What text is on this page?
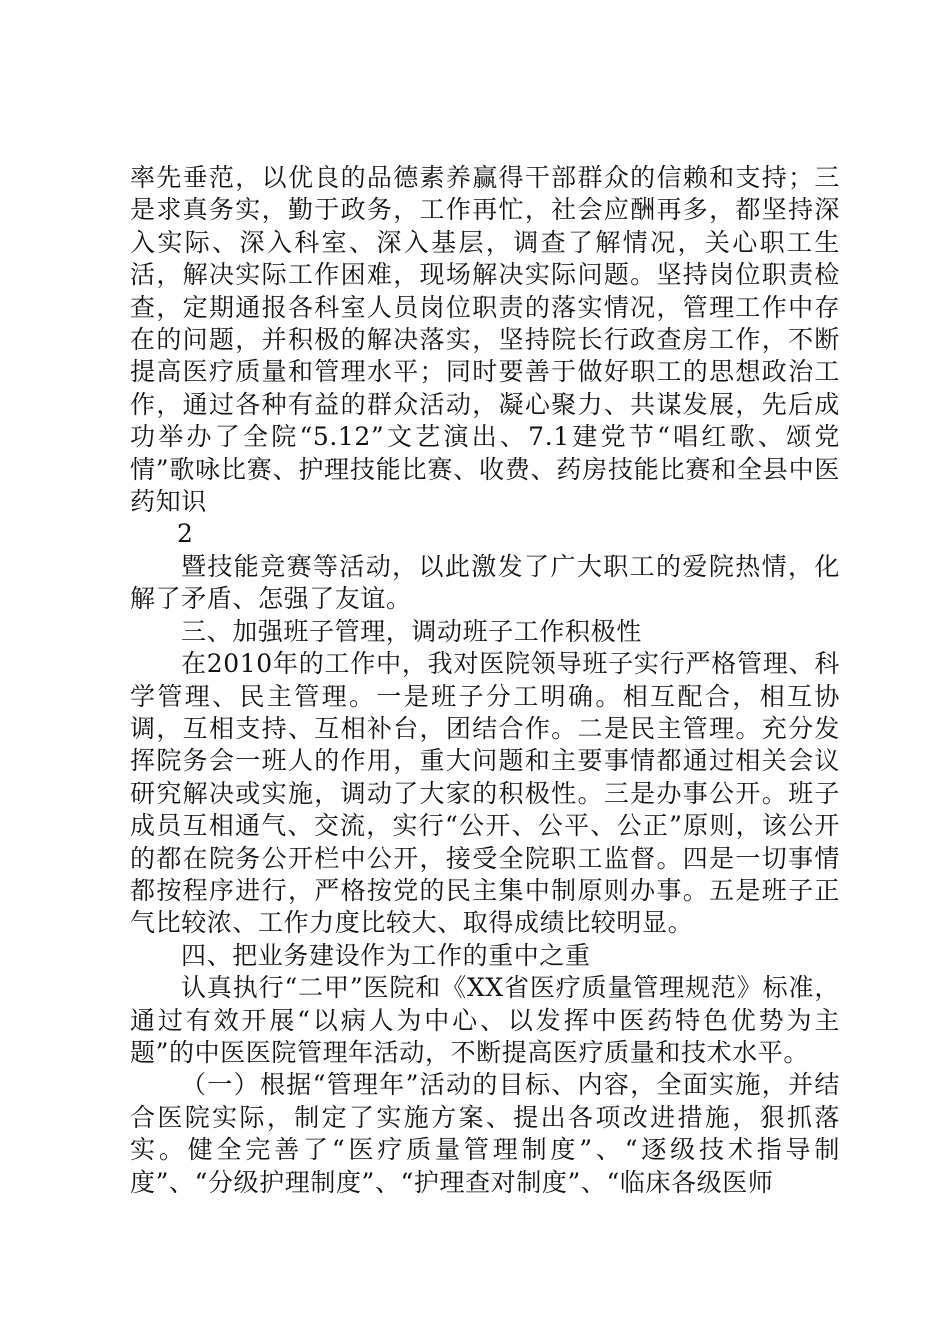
率先垂范，以优良的品德素养赢得干部群众的信赖和支持；三是求真务实，勤于政务，工作再忙，社会应酬再多，都坚持深入实际、深入科室、深入基层，调查了解情况，关心职工生活，解决实际工作困难，现场解决实际问题。坚持岗位职责检查，定期通报各科室人员岗位职责的落实情况，管理工作中存在的问题，并积极的解决落实，坚持院长行政查房工作，不断提高医疗质量和管理水平；同时要善于做好职工的思想政治工作，通过各种有益的群众活动，凝心聚力、共谋发展，先后成功举办了全院“5.12”文艺演出、7.1建党节“唱红歌、颂党情”歌咏比赛、护理技能比赛、收费、药房技能比赛和全县中医药知识

2

暨技能竞赛等活动，以此激发了广大职工的爱院热情，化解了矛盾、怎强了友谊。

三、加强班子管理，调动班子工作积极性

在2010年的工作中，我对医院领导班子实行严格管理、科学管理、民主管理。一是班子分工明确。相互配合，相互协调，互相支持、互相补台，团结合作。二是民主管理。充分发挥院务会一班人的作用，重大问题和主要事情都通过相关会议研究解决或实施，调动了大家的积极性。三是办事公开。班子成员互相通气、交流，实行“公开、公平、公正”原则，该公开的都在院务公开栏中公开，接受全院职工监督。四是一切事情都按程序进行，严格按党的民主集中制原则办事。五是班子正气比较浓、工作力度比较大、取得成绩比较明显。

四、把业务建设作为工作的重中之重

认真执行“二甲”医院和《XX省医疗质量管理规范》标准，通过有效开展“以病人为中心、以发挥中医药特色优势为主题”的中医医院管理年活动，不断提高医疗质量和技术水平。

（一）根据“管理年”活动的目标、内容，全面实施，并结合医院实际，制定了实施方案、提出各项改进措施，狠抓落实。健全完善了“医疗质量管理制度”、“逐级技术指导制度”、“分级护理制度”、“护理查对制度”、“临床各级医师
